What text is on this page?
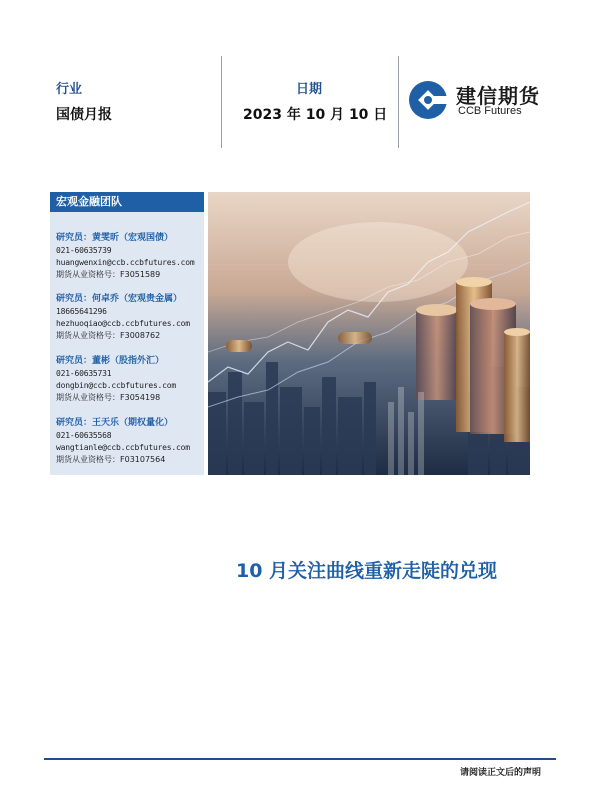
行业
国债月报
日期
2023 年 10 月 10 日
建信期货
CCB Futures
宏观金融团队
研究员：黄雯昕（宏观国债）
021-60635739
huangwenxin@ccb.ccbfutures.com
期货从业资格号：F3051589
研究员：何卓乔（宏观贵金属）
18665641296
hezhuoqiao@ccb.ccbfutures.com
期货从业资格号：F3008762
研究员：董彬（股指外汇）
021-60635731
dongbin@ccb.ccbfutures.com
期货从业资格号：F3054198
研究员：王天乐（期权量化）
021-60635568
wangtianle@ccb.ccbfutures.com
期货从业资格号：F03107564
10 月关注曲线重新走陡的兑现
请阅读正文后的声明
